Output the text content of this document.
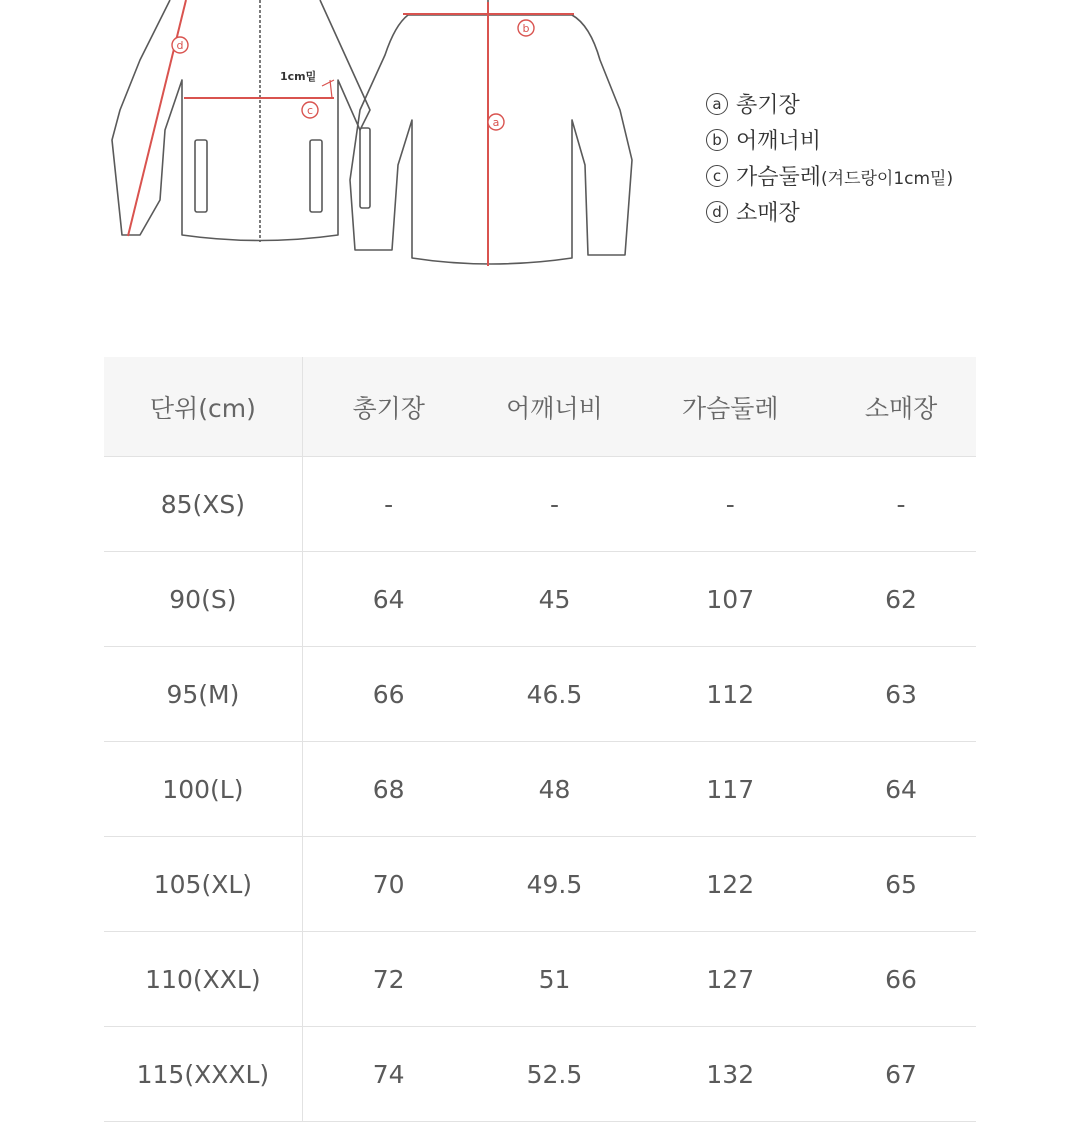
a
b
c
d
1cm밑
a 총기장
b 어깨너비
c 가슴둘레(겨드랑이1cm밑)
d 소매장
단위(cm)	총기장	어깨너비	가슴둘레	소매장
85(XS)	-	-	-	-
90(S)	64	45	107	62
95(M)	66	46.5	112	63
100(L)	68	48	117	64
105(XL)	70	49.5	122	65
110(XXL)	72	51	127	66
115(XXXL)	74	52.5	132	67
